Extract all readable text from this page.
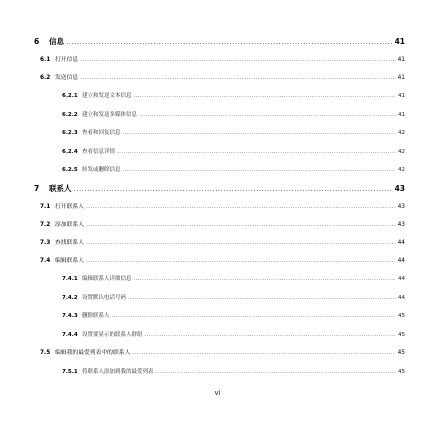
6	信息 .....	41
6.1 打开信息 .....	41
6.2 发送信息 .....	41
6.2.1 建立和发送文本信息 .....	41
6.2.2 建立和发送多媒体信息 .....	41
6.2.3 查看和回复信息 .....	42
6.2.4 查看信息详情 .....	42
6.2.5 转发或删除信息 .....	42
7	联系人 .....	43
7.1 打开联系人 .....	43
7.2 添加联系人 .....	43
7.3 查找联系人 .....	44
7.4 编辑联系人 .....	44
7.4.1 编辑联系人详细信息 .....	44
7.4.2 设置默认电话号码 .....	44
7.4.3 删除联系人 .....	45
7.4.4 设置要显示的联系人群组 .....	45
7.5 编辑我的最爱列表中的联系人 .....	45
7.5.1 将联系人添加到我的最爱列表 .....	45
vi
